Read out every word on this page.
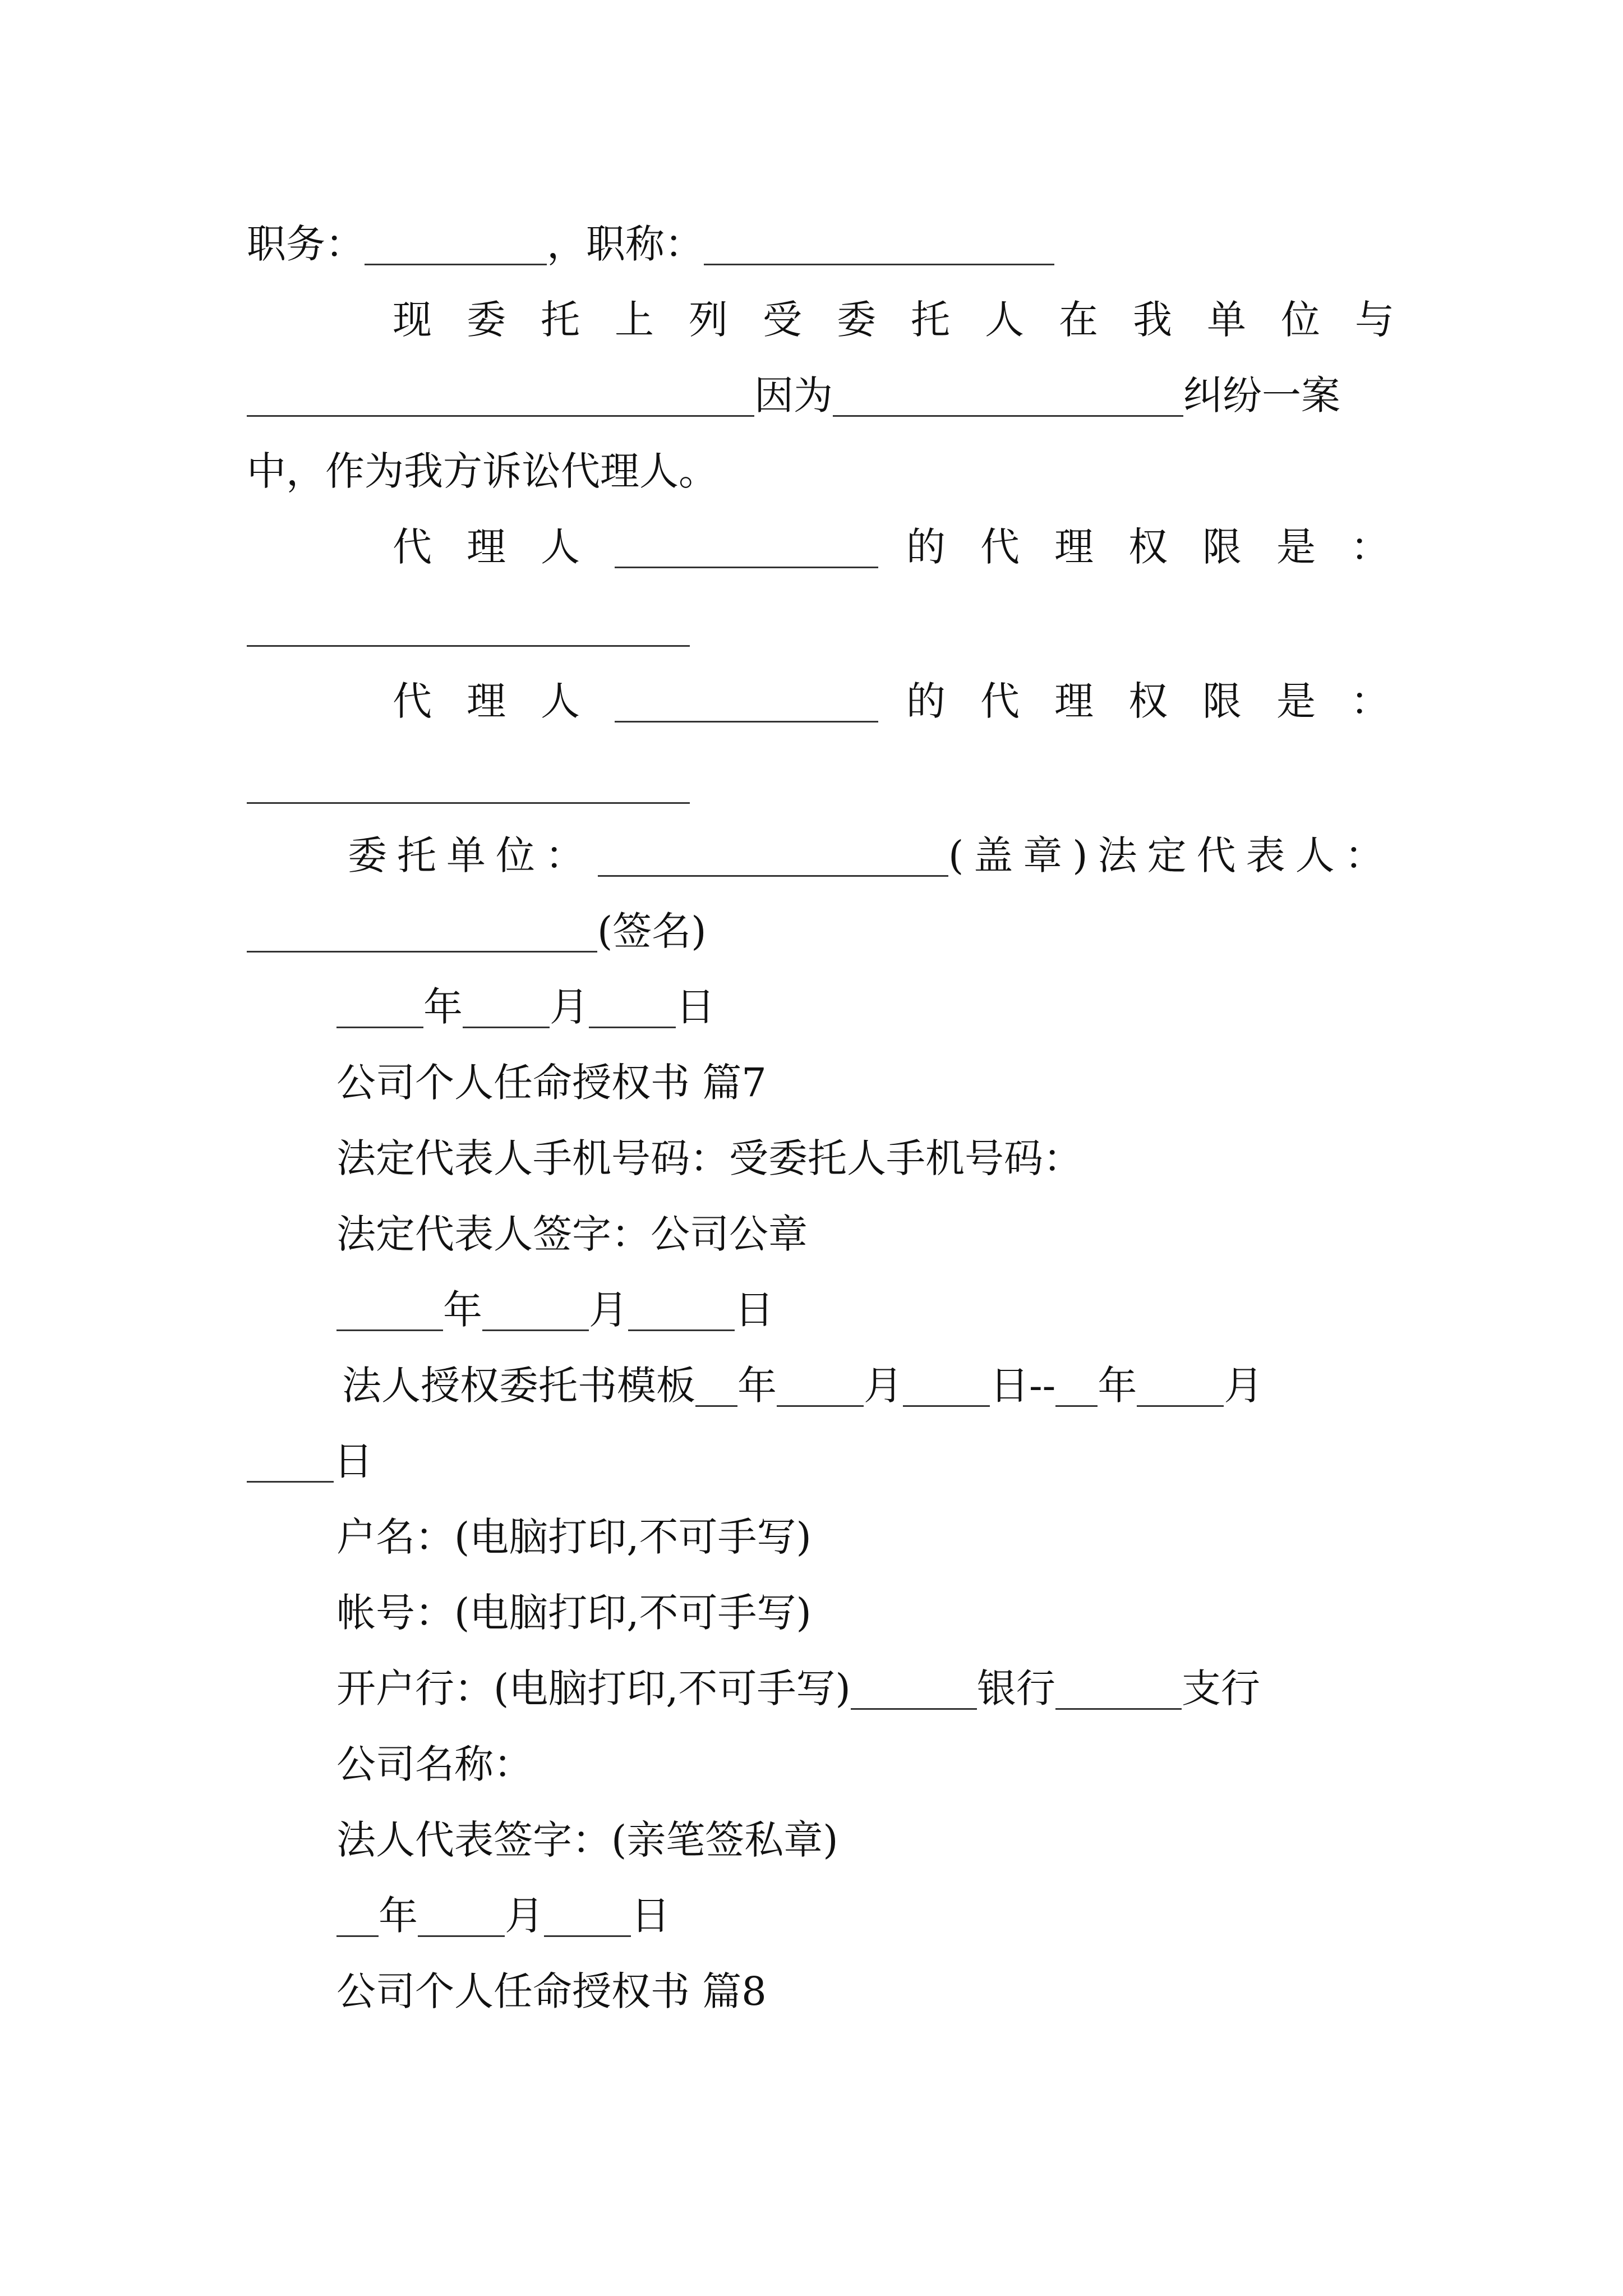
职务：	，职称：
现委托上列受委托人在我单位与
因为	纠纷一案
中，作为我方诉讼代理人。
代理人	的代理权限是：
代理人	的代理权限是：
委托单位：	(盖章)法定代表人：
(签名)
年 月 日
公司个人任命授权书 篇7
法定代表人手机号码：受委托人手机号码：
法定代表人签字：公司公章
年	月	日
法人授权委托书模板 年 月 日-- 年 月
日
户名：(电脑打印,不可手写)
帐号：(电脑打印,不可手写)
开户行：(电脑打印,不可手写)	银行	支行
公司名称：
法人代表签字：(亲笔签私章)
年 月 日
公司个人任命授权书 篇8
